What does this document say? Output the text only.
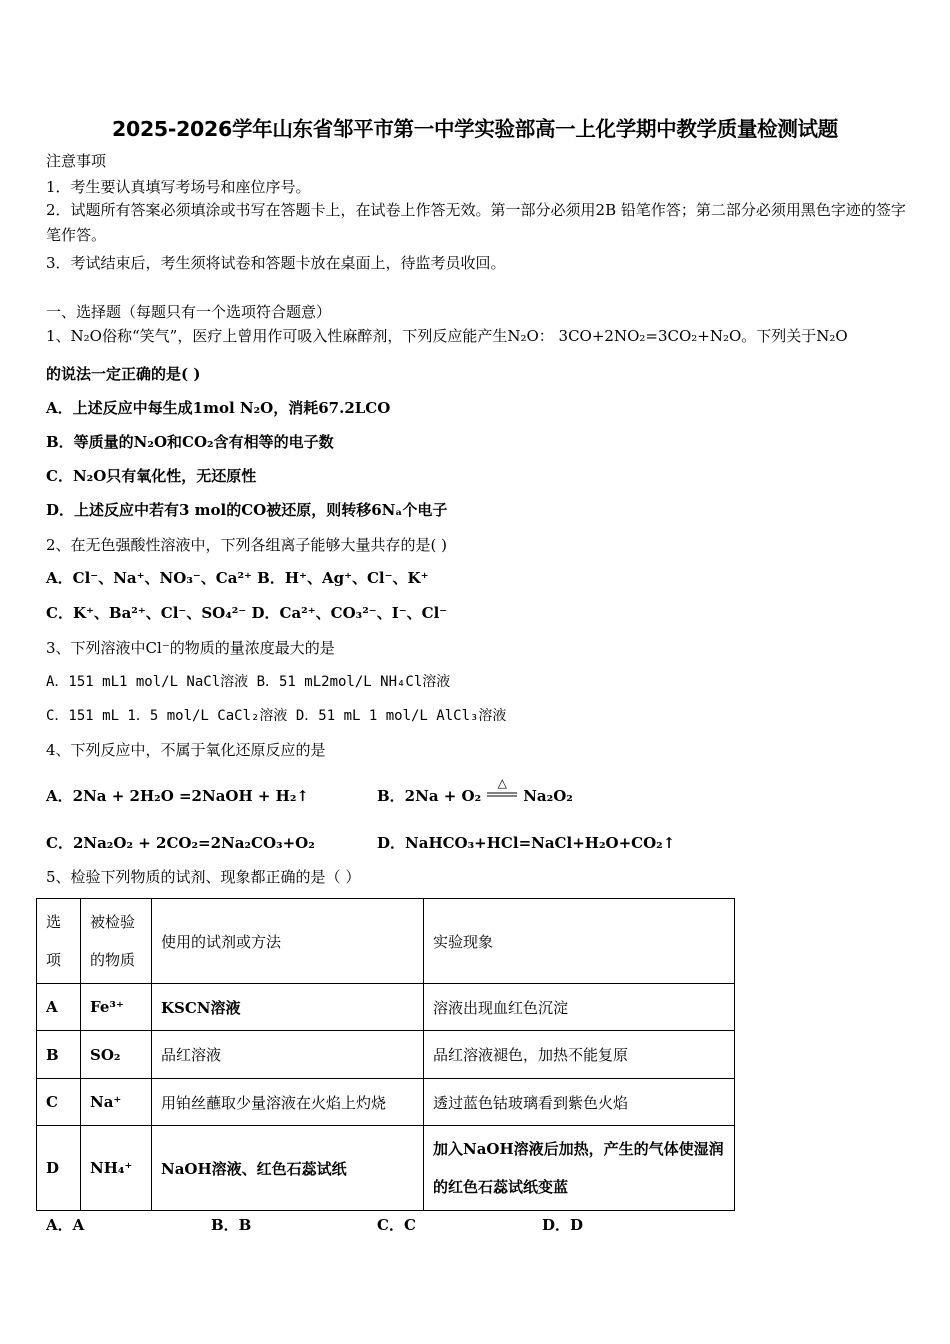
2025-2026学年山东省邹平市第一中学实验部高一上化学期中教学质量检测试题
注意事项
1．考生要认真填写考场号和座位序号。
2．试题所有答案必须填涂或书写在答题卡上，在试卷上作答无效。第一部分必须用2B 铅笔作答；第二部分必须用黑色字迹的签字笔作答。
3．考试结束后，考生须将试卷和答题卡放在桌面上，待监考员收回。
一、选择题（每题只有一个选项符合题意）
1、N₂O俗称“笑气”，医疗上曾用作可吸入性麻醉剂，下列反应能产生N₂O： 3CO+2NO₂=3CO₂+N₂O。下列关于N₂O
的说法一定正确的是( )
A．上述反应中每生成1mol N₂O，消耗67.2LCO
B．等质量的N₂O和CO₂含有相等的电子数
C．N₂O只有氧化性，无还原性
D．上述反应中若有3 mol的CO被还原，则转移6Nₐ个电子
2、在无色强酸性溶液中，下列各组离子能够大量共存的是( )
A．Cl⁻、Na⁺、NO₃⁻、Ca²⁺ B．H⁺、Ag⁺、Cl⁻、K⁺
C．K⁺、Ba²⁺、Cl⁻、SO₄²⁻ D．Ca²⁺、CO₃²⁻、I⁻、Cl⁻
3、下列溶液中Cl⁻的物质的量浓度最大的是
A．151 mL1 mol/L NaCl溶液 B．51 mL2mol/L NH₄Cl溶液
C．151 mL 1．5 mol/L CaCl₂溶液 D．51 mL 1 mol/L AlCl₃溶液
4、下列反应中，不属于氧化还原反应的是
A．2Na + 2H₂O =2NaOH + H₂↑	B．2Na + O₂
△
Na₂O₂
C．2Na₂O₂ + 2CO₂=2Na₂CO₃+O₂	D．NaHCO₃+HCl=NaCl+H₂O+CO₂↑
5、检验下列物质的试剂、现象都正确的是（ ）
选项	被检验的物质	使用的试剂或方法	实验现象
A	Fe³⁺	KSCN溶液	溶液出现血红色沉淀
B	SO₂	品红溶液	品红溶液褪色，加热不能复原
C	Na⁺	用铂丝蘸取少量溶液在火焰上灼烧	透过蓝色钴玻璃看到紫色火焰
D	NH₄⁺	NaOH溶液、红色石蕊试纸	加入NaOH溶液后加热，产生的气体使湿润的红色石蕊试纸变蓝
A．A	B．B	C．C	D．D
